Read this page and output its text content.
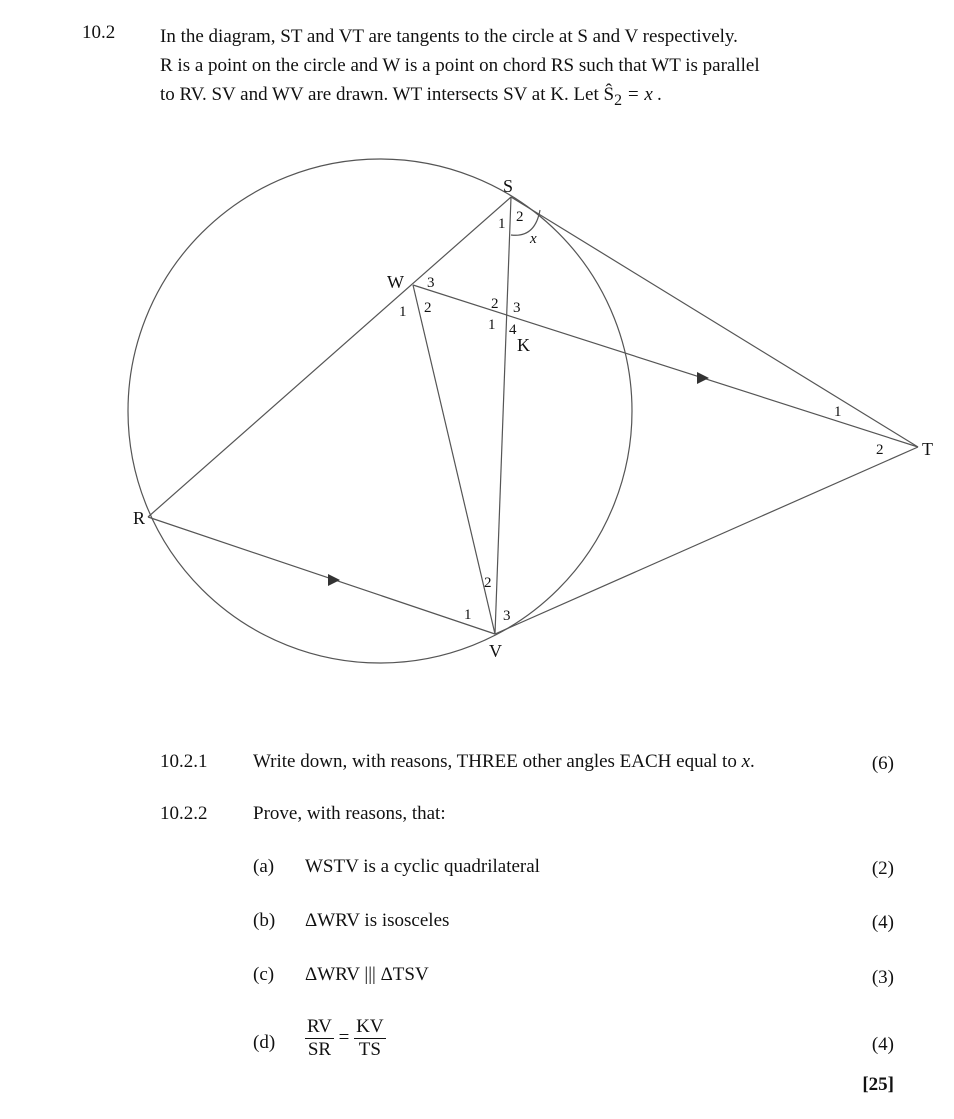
10.2 In the diagram, ST and VT are tangents to the circle at S and V respectively.
R is a point on the circle and W is a point on chord RS such that WT is parallel
to RV. SV and WV are drawn. WT intersects SV at K. Let $Ŝ_2 = x$ .
S
W
K
T
R
V
1 2
x
3
1 2	2 3
1 4
1
2
2
1 3
10.2.1 Write down, with reasons, THREE other angles EACH equal to x.	(6)
10.2.2 Prove, with reasons, that:
(a) WSTV is a cyclic quadrilateral	(2)
(b) ΔWRV is isosceles	(4)
(c) ΔWRV ||| ΔTSV	(3)
$(d) \frac{RV}{SR} = \frac{KV}{TS}$	(4)
[25]
